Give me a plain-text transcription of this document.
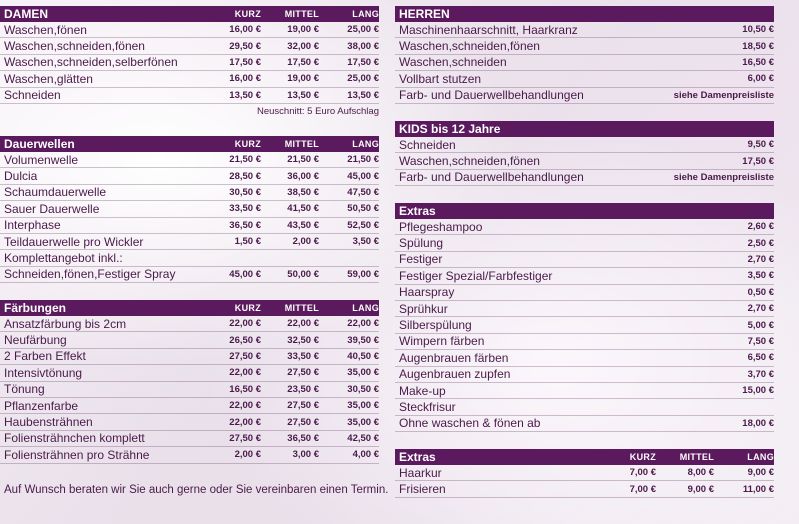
DAMEN	KURZ	MITTEL	LANG
Waschen,fönen	16,00 €	19,00 €	25,00 €
Waschen,schneiden,fönen	29,50 €	32,00 €	38,00 €
Waschen,schneiden,selberfönen	17,50 €	17,50 €	17,50 €
Waschen,glätten	16,00 €	19,00 €	25,00 €
Schneiden	13,50 €	13,50 €	13,50 €
Neuschnitt: 5 Euro Aufschlag
Dauerwellen	KURZ	MITTEL	LANG
Volumenwelle	21,50 €	21,50 €	21,50 €
Dulcia	28,50 €	36,00 €	45,00 €
Schaumdauerwelle	30,50 €	38,50 €	47,50 €
Sauer Dauerwelle	33,50 €	41,50 €	50,50 €
Interphase	36,50 €	43,50 €	52,50 €
Teildauerwelle pro Wickler	1,50 €	2,00 €	3,50 €
Komplettangebot inkl.:
Schneiden,fönen,Festiger Spray	45,00 €	50,00 €	59,00 €
Färbungen	KURZ	MITTEL	LANG
Ansatzfärbung bis 2cm	22,00 €	22,00 €	22,00 €
Neufärbung	26,50 €	32,50 €	39,50 €
2 Farben Effekt	27,50 €	33,50 €	40,50 €
Intensivtönung	22,00 €	27,50 €	35,00 €
Tönung	16,50 €	23,50 €	30,50 €
Pflanzenfarbe	22,00 €	27,50 €	35,00 €
Haubensträhnen	22,00 €	27,50 €	35,00 €
Foliensträhnchen komplett	27,50 €	36,50 €	42,50 €
Foliensträhnen pro Strähne	2,00 €	3,00 €	4,00 €
Auf Wunsch beraten wir Sie auch gerne oder Sie vereinbaren einen Termin.
HERREN
Maschinenhaarschnitt, Haarkranz	10,50 €
Waschen,schneiden,fönen	18,50 €
Waschen,schneiden	16,50 €
Vollbart stutzen	6,00 €
Farb- und Dauerwellbehandlungen	siehe Damenpreisliste
KIDS bis 12 Jahre
Schneiden	9,50 €
Waschen,schneiden,fönen	17,50 €
Farb- und Dauerwellbehandlungen	siehe Damenpreisliste
Extras
Pflegeshampoo	2,60 €
Spülung	2,50 €
Festiger	2,70 €
Festiger Spezial/Farbfestiger	3,50 €
Haarspray	0,50 €
Sprühkur	2,70 €
Silberspülung	5,00 €
Wimpern färben	7,50 €
Augenbrauen färben	6,50 €
Augenbrauen zupfen	3,70 €
Make-up	15,00 €
Steckfrisur
Ohne waschen & fönen ab	18,00 €
Extras	KURZ	MITTEL	LANG
Haarkur	7,00 €	8,00 €	9,00 €
Frisieren	7,00 €	9,00 €	11,00 €
